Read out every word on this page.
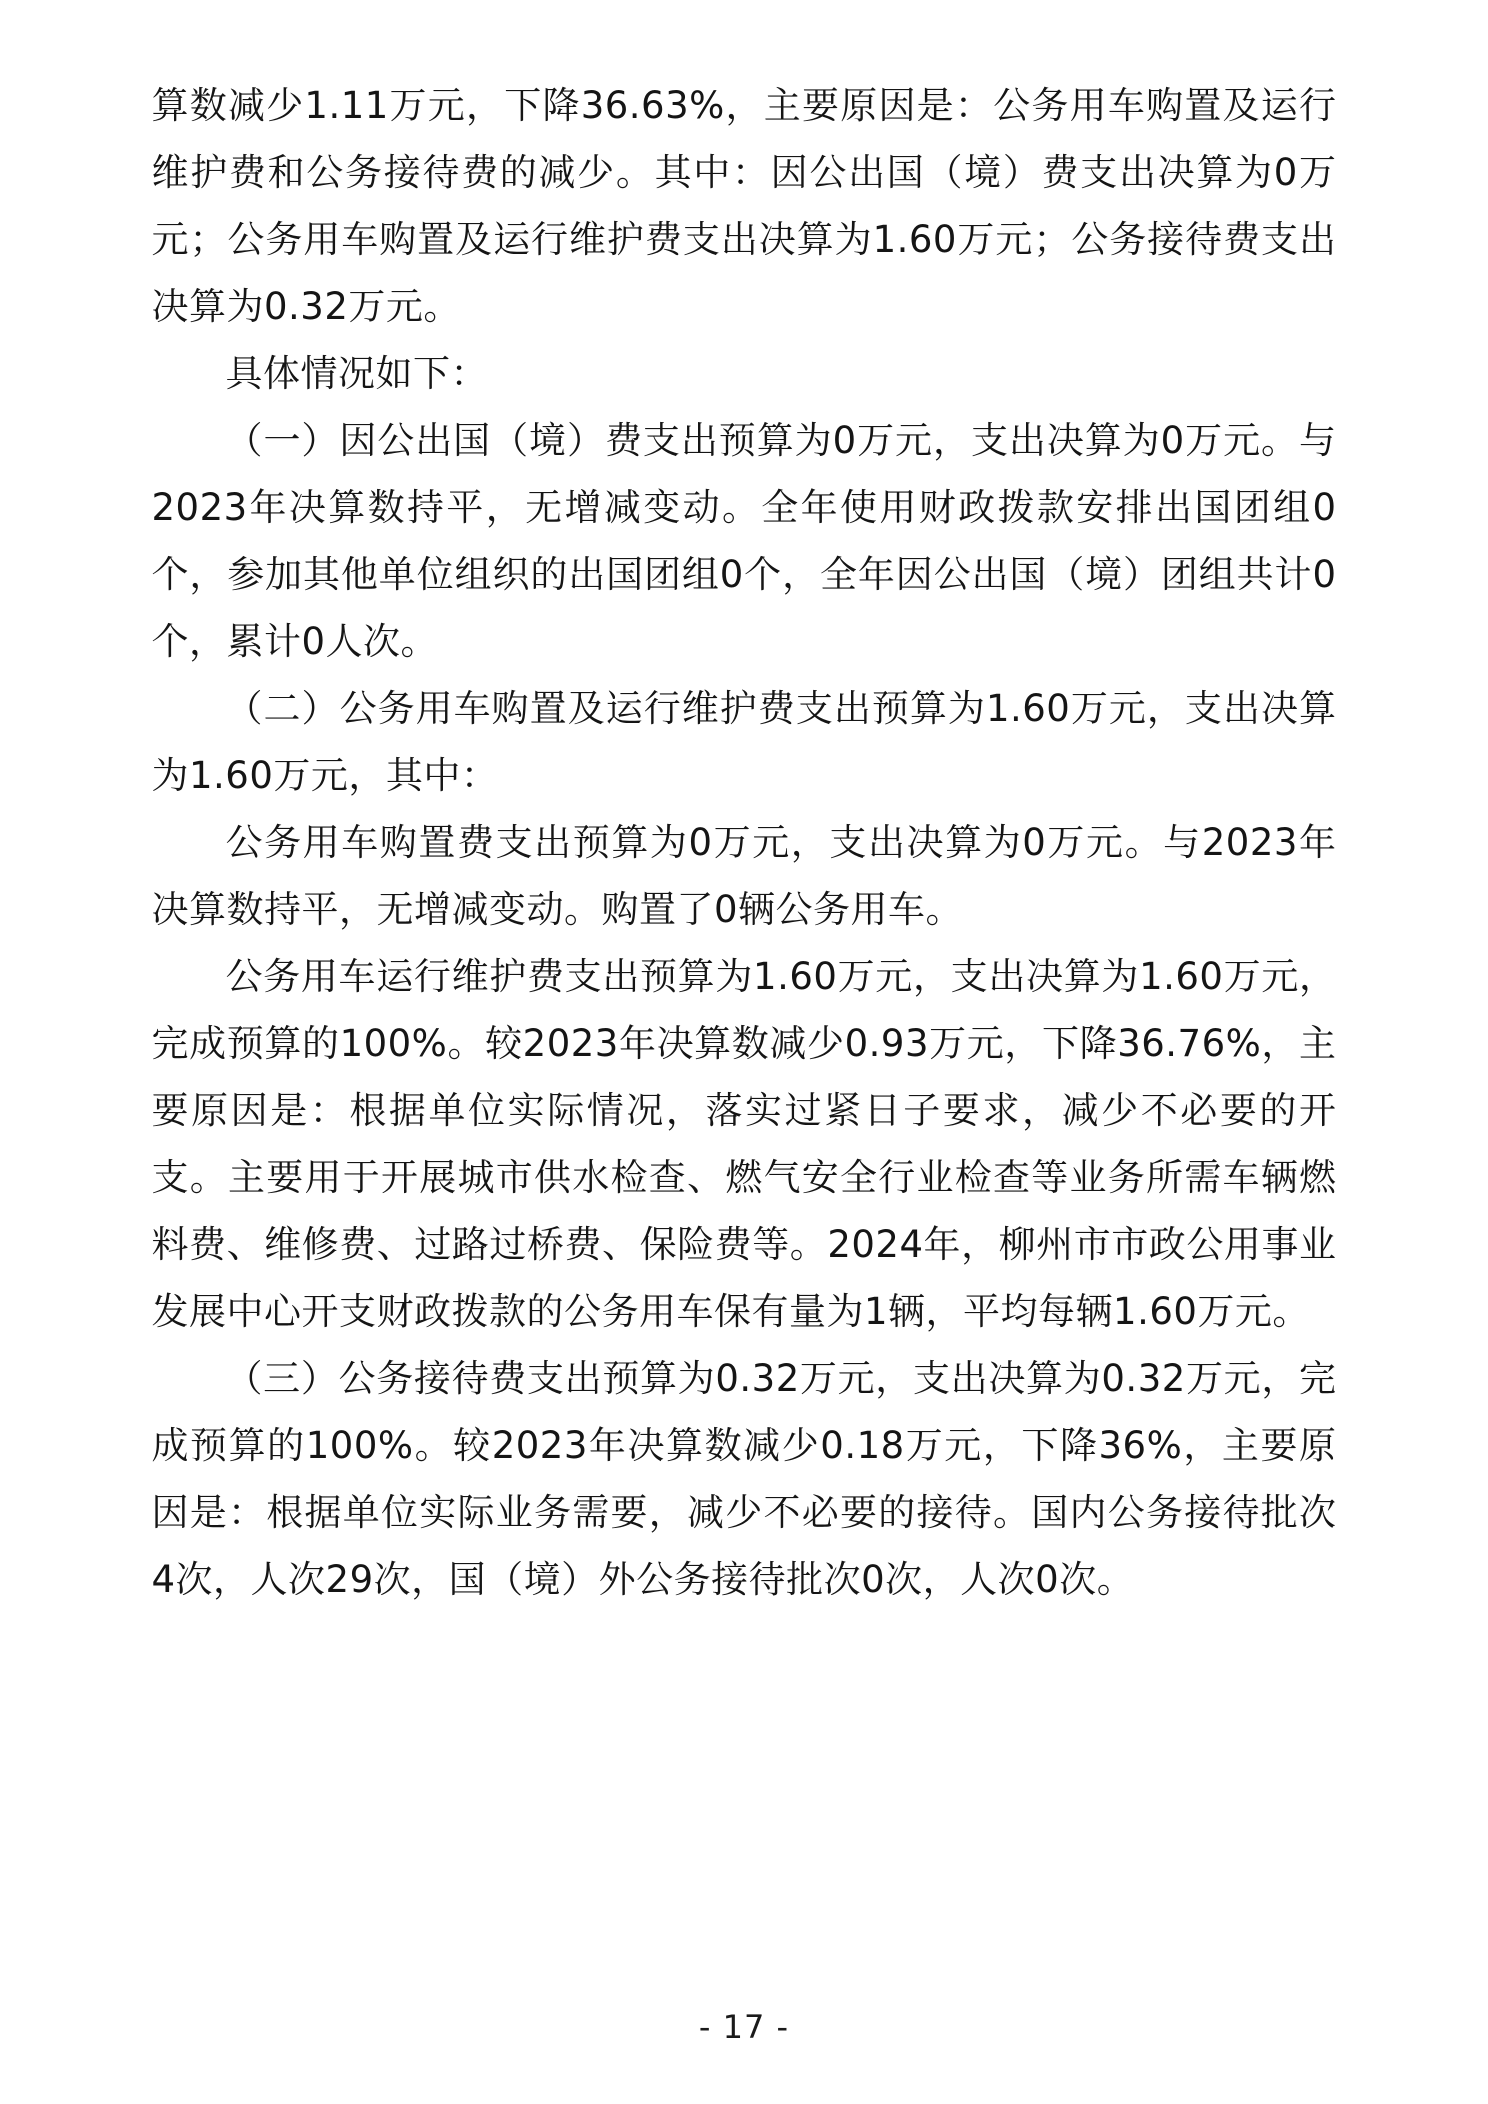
算数减少1.11万元，下降36.63%，主要原因是：公务用车购置及运行维护费和公务接待费的减少。其中：因公出国（境）费支出决算为0万元；公务用车购置及运行维护费支出决算为1.60万元；公务接待费支出决算为0.32万元。

具体情况如下：

（一）因公出国（境）费支出预算为0万元，支出决算为0万元。与2023年决算数持平，无增减变动。全年使用财政拨款安排出国团组0个，参加其他单位组织的出国团组0个，全年因公出国（境）团组共计0个，累计0人次。

（二）公务用车购置及运行维护费支出预算为1.60万元，支出决算为1.60万元，其中：

公务用车购置费支出预算为0万元，支出决算为0万元。与2023年决算数持平，无增减变动。购置了0辆公务用车。

公务用车运行维护费支出预算为1.60万元，支出决算为1.60万元，完成预算的100%。较2023年决算数减少0.93万元，下降36.76%，主要原因是：根据单位实际情况，落实过紧日子要求，减少不必要的开支。主要用于开展城市供水检查、燃气安全行业检查等业务所需车辆燃料费、维修费、过路过桥费、保险费等。2024年，柳州市市政公用事业发展中心开支财政拨款的公务用车保有量为1辆，平均每辆1.60万元。

（三）公务接待费支出预算为0.32万元，支出决算为0.32万元，完成预算的100%。较2023年决算数减少0.18万元，下降36%，主要原因是：根据单位实际业务需要，减少不必要的接待。国内公务接待批次4次，人次29次，国（境）外公务接待批次0次，人次0次。

- 17 -
